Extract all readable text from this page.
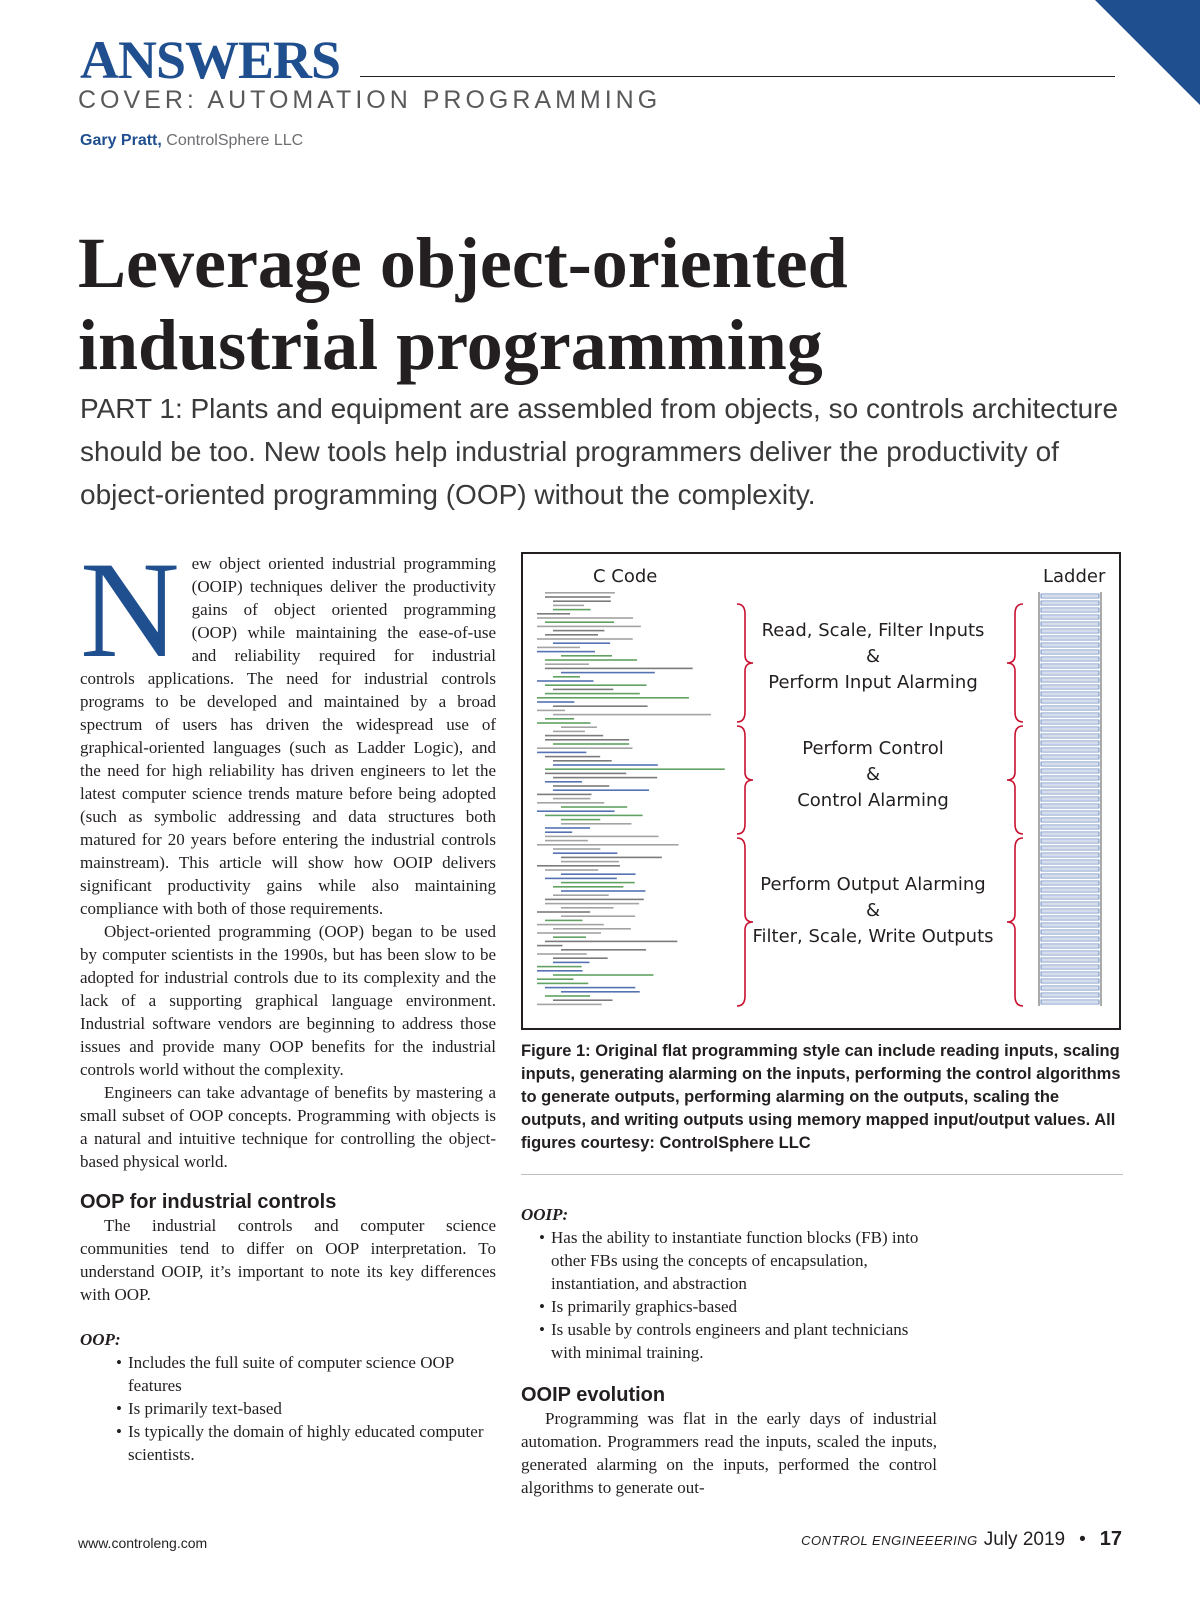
ANSWERS
COVER: AUTOMATION PROGRAMMING
Gary Pratt, ControlSphere LLC
Leverage object-oriented
industrial programming
PART 1: Plants and equipment are assembled from objects, so controls architecture should be too. New tools help industrial programmers deliver the productivity of object-oriented programming (OOP) without the complexity.

New object oriented industrial programming (OOIP) techniques deliver the productivity gains of object oriented programming (OOP) while maintaining the ease-of-use and reliability required for industrial controls applications. The need for industrial controls programs to be developed and maintained by a broad spectrum of users has driven the widespread use of graphical-oriented languages (such as Ladder Logic), and the need for high reliability has driven engineers to let the latest computer science trends mature before being adopted (such as symbolic addressing and data structures both matured for 20 years before entering the industrial controls mainstream). This article will show how OOIP delivers significant productivity gains while also maintaining compliance with both of those requirements.

Object-oriented programming (OOP) began to be used by computer scientists in the 1990s, but has been slow to be adopted for industrial controls due to its complexity and the lack of a supporting graphical language environment. Industrial software vendors are beginning to address those issues and provide many OOP benefits for the industrial controls world without the complexity.

Engineers can take advantage of benefits by mastering a small subset of OOP concepts. Programming with objects is a natural and intuitive technique for controlling the object-based physical world.

OOP for industrial controls

The industrial controls and computer science communities tend to differ on OOP interpretation. To understand OOIP, it’s important to note its key differences with OOP.

OOP:

• Includes the full suite of computer science OOP features
• Is primarily text-based
• Is typically the domain of highly educated computer scientists.
C Code	Ladder
Read, Scale, Filter Inputs
&
Perform Input Alarming
Perform Control
&
Control Alarming
Perform Output Alarming
&
Filter, Scale, Write Outputs
Figure 1: Original flat programming style can include reading inputs, scaling inputs, generating alarming on the inputs, performing the control algorithms to generate outputs, performing alarming on the outputs, scaling the outputs, and writing outputs using memory mapped input/output values. All figures courtesy: ControlSphere LLC

OOIP:

• Has the ability to instantiate function blocks (FB) into other FBs using the concepts of encapsulation, instantiation, and abstraction
• Is primarily graphics-based
• Is usable by controls engineers and plant technicians with minimal training.
OOIP evolution

Programming was flat in the early days of industrial automation. Programmers read the inputs, scaled the inputs, generated alarming on the inputs, performed the control algorithms to generate out-

www.controleng.com	CONTROL ENGINEEERING July 2019 • 17
